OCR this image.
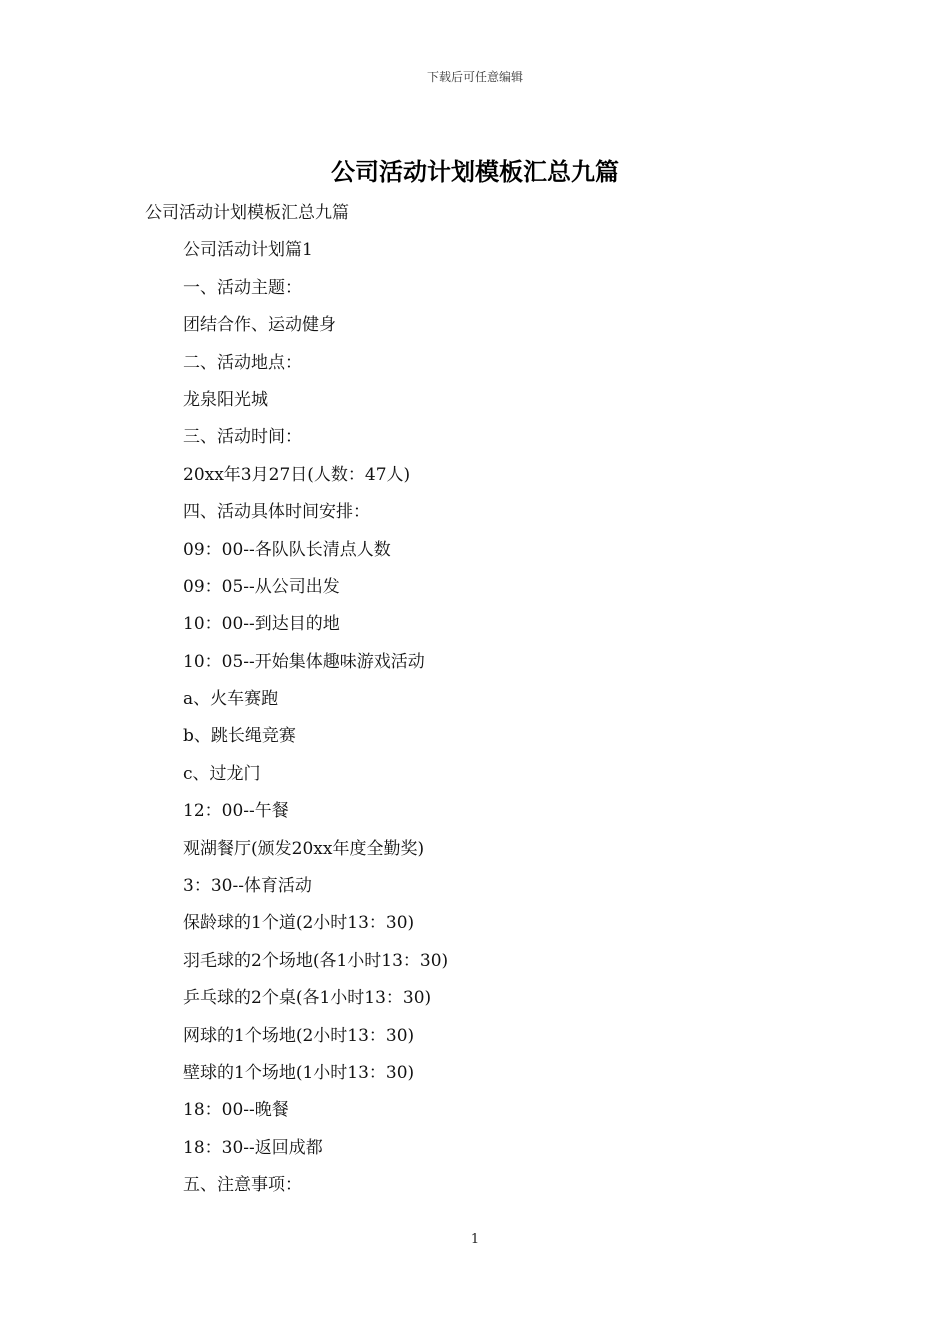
下载后可任意编辑
公司活动计划模板汇总九篇
公司活动计划模板汇总九篇
公司活动计划篇1
一、活动主题：
团结合作、运动健身
二、活动地点：
龙泉阳光城
三、活动时间：
20xx年3月27日(人数：47人)
四、活动具体时间安排：
09：00--各队队长清点人数
09：05--从公司出发
10：00--到达目的地
10：05--开始集体趣味游戏活动
a、火车赛跑
b、跳长绳竞赛
c、过龙门
12：00--午餐
观湖餐厅(颁发20xx年度全勤奖)
3：30--体育活动
保龄球的1个道(2小时13：30)
羽毛球的2个场地(各1小时13：30)
乒乓球的2个桌(各1小时13：30)
网球的1个场地(2小时13：30)
壁球的1个场地(1小时13：30)
18：00--晚餐
18：30--返回成都
五、注意事项：
1
